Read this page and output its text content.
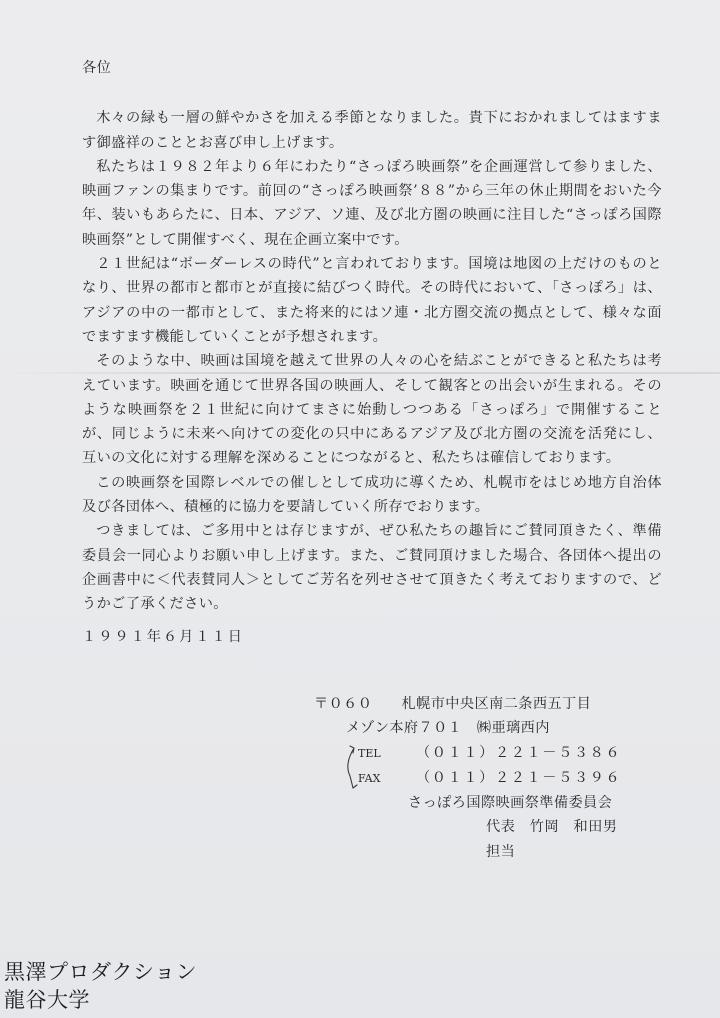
各位

木々の緑も一層の鮮やかさを加える季節となりました。貴下におかれましてはますます御盛祥のこととお喜び申し上げます。

私たちは１９８２年より６年にわたり“さっぽろ映画祭”を企画運営して参りました、映画ファンの集まりです。前回の“さっぽろ映画祭’８８”から三年の休止期間をおいた今年、装いもあらたに、日本、アジア、ソ連、及び北方圏の映画に注目した“さっぽろ国際映画祭”として開催すべく、現在企画立案中です。

２１世紀は“ボーダーレスの時代”と言われております。国境は地図の上だけのものとなり、世界の都市と都市とが直接に結びつく時代。その時代において、「さっぽろ」は、アジアの中の一都市として、また将来的にはソ連・北方圏交流の拠点として、様々な面でますます機能していくことが予想されます。

そのような中、映画は国境を越えて世界の人々の心を結ぶことができると私たちは考えています。映画を通じて世界各国の映画人、そして観客との出会いが生まれる。そのような映画祭を２１世紀に向けてまさに始動しつつある「さっぽろ」で開催することが、同じように未来へ向けての変化の只中にあるアジア及び北方圏の交流を活発にし、互いの文化に対する理解を深めることにつながると、私たちは確信しております。

この映画祭を国際レベルでの催しとして成功に導くため、札幌市をはじめ地方自治体及び各団体へ、積極的に協力を要請していく所存でおります。

つきましては、ご多用中とは存じますが、ぜひ私たちの趣旨にご賛同頂きたく、準備委員会一同心よりお願い申し上げます。また、ご賛同頂けました場合、各団体へ提出の企画書中に＜代表賛同人＞としてご芳名を列せさせて頂きたく考えておりますので、どうかご了承ください。

１９９１年６月１１日

〒０６０　　札幌市中央区南二条西五丁目
メゾン本府７０１　㈱亜璃西内
TEL （０１１）２２１－５３８６
FAX	（０１１）２２１－５３９６
さっぽろ国際映画祭準備委員会
代表　竹岡　和田男
担当
黒澤プロダクション
龍谷大学
